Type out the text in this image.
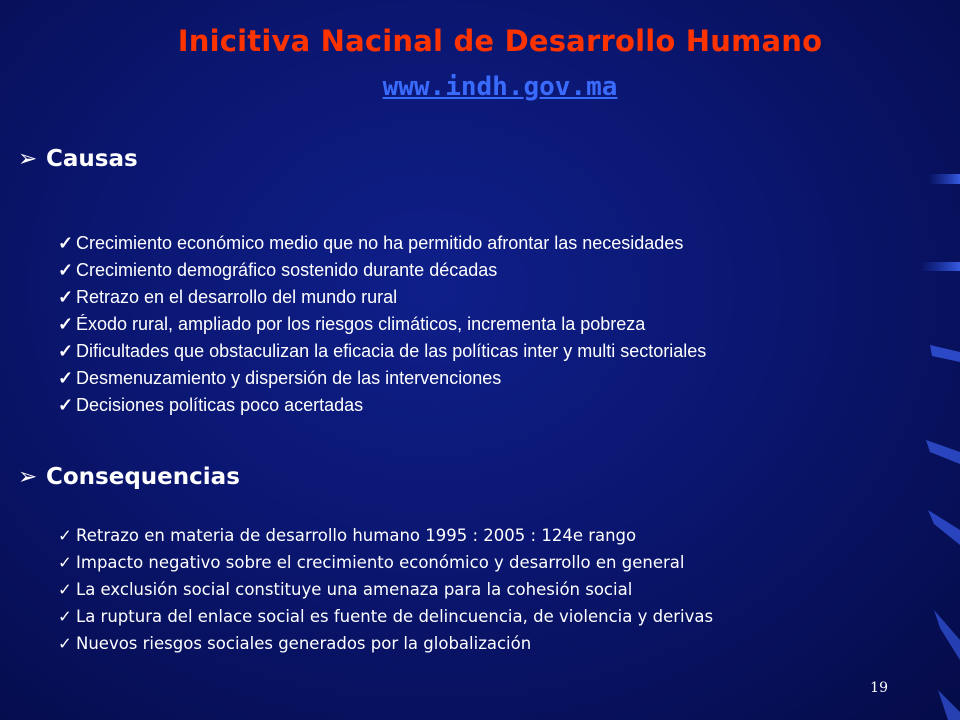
Inicitiva Nacinal de Desarrollo Humano
www.indh.gov.ma
➢ Causas
✓ Crecimiento económico medio que no ha permitido afrontar las necesidades
✓ Crecimiento demográfico sostenido durante décadas
✓ Retrazo en el desarrollo del mundo rural
✓ Éxodo rural, ampliado por los riesgos climáticos, incrementa la pobreza
✓ Dificultades que obstaculizan la eficacia de las políticas inter y multi sectoriales
✓ Desmenuzamiento y dispersión de las intervenciones
✓ Decisiones políticas poco acertadas
➢ Consequencias
✓ Retrazo en materia de desarrollo humano 1995 : 2005 : 124e rango
✓ Impacto negativo sobre el crecimiento económico y desarrollo en general
✓ La exclusión social constituye una amenaza para la cohesión social
✓ La ruptura del enlace social es fuente de delincuencia, de violencia y derivas
✓ Nuevos riesgos sociales generados por la globalización
19
